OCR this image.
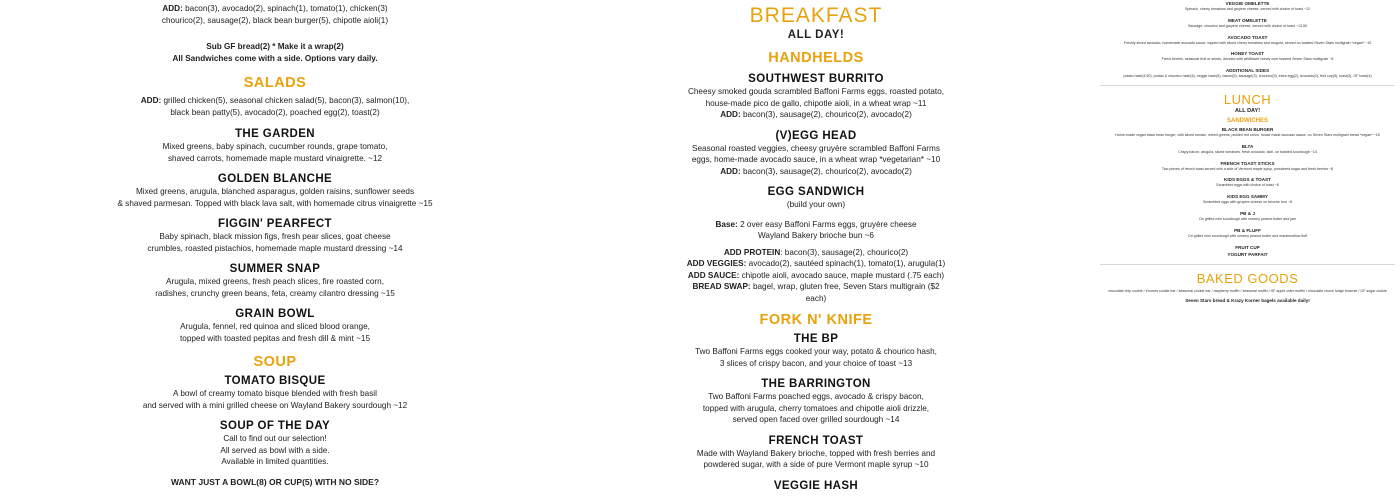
ADD: bacon(3), avocado(2), spinach(1), tomato(1), chicken(3)

chourico(2), sausage(2), black bean burger(5), chipotle aioli(1)

Sub GF bread(2) * Make it a wrap(2)

All Sandwiches come with a side. Options vary daily.

SALADS

ADD: grilled chicken(5), seasonal chicken salad(5), bacon(3), salmon(10),

black bean patty(5), avocado(2), poached egg(2), toast(2)

THE GARDEN

Mixed greens, baby spinach, cucumber rounds, grape tomato,

shaved carrots, homemade maple mustard vinaigrette. ~12

GOLDEN BLANCHE

Mixed greens, arugula, blanched asparagus, golden raisins, sunflower seeds

& shaved parmesan. Topped with black lava salt, with homemade citrus vinaigrette ~15

FIGGIN' PEARFECT

Baby spinach, black mission figs, fresh pear slices, goat cheese

crumbles, roasted pistachios, homemade maple mustard dressing ~14

SUMMER SNAP

Arugula, mixed greens, fresh peach slices, fire roasted corn,

radishes, crunchy green beans, feta, creamy cilantro dressing ~15

GRAIN BOWL

Arugula, fennel, red quinoa and sliced blood orange,

topped with toasted pepitas and fresh dill & mint ~15

SOUP

TOMATO BISQUE

A bowl of creamy tomato bisque blended with fresh basil

and served with a mini grilled cheese on Wayland Bakery sourdough ~12

SOUP OF THE DAY

Call to find out our selection!

All served as bowl with a side.

Available in limited quantities.

WANT JUST A BOWL(8) OR CUP(5) WITH NO SIDE?

BREAKFAST
ALL DAY!
HANDHELDS

SOUTHWEST BURRITO

Cheesy smoked gouda scrambled Baffoni Farms eggs, roasted potato,

house-made pico de gallo, chipotle aioli, in a wheat wrap ~11

ADD: bacon(3), sausage(2), chourico(2), avocado(2)

(V)EGG HEAD

Seasonal roasted veggies, cheesy gruyère scrambled Baffoni Farms

eggs, home-made avocado sauce, in a wheat wrap *vegetarian* ~10

ADD: bacon(3), sausage(2), chourico(2), avocado(2)

EGG SANDWICH

(build your own)

Base: 2 over easy Baffoni Farms eggs, gruyère cheese

Wayland Bakery brioche bun ~6

ADD PROTEIN: bacon(3), sausage(2), chourico(2)

ADD VEGGIES: avocado(2), sautéed spinach(1), tomato(1), arugula(1)

ADD SAUCE: chipotle aioli, avocado sauce, maple mustard (.75 each)

BREAD SWAP: bagel, wrap, gluten free, Seven Stars multigrain ($2 each)

FORK N' KNIFE

THE BP

Two Baffoni Farms eggs cooked your way, potato & chourico hash,

3 slices of crispy bacon, and your choice of toast ~13

THE BARRINGTON

Two Baffoni Farms poached eggs, avocado & crispy bacon,

topped with arugula, cherry tomatoes and chipotle aioli drizzle,

served open faced over grilled sourdough ~14

FRENCH TOAST

Made with Wayland Bakery brioche, topped with fresh berries and

powdered sugar, with a side of pure Vermont maple syrup ~10

VEGGIE HASH

VEGGIE OMELETTE

Spinach, cherry tomatoes and gruyère cheese, served with choice of toast ~12

MEAT OMELETTE

Sausage, chourico and gruyère cheese, served with choice of toast ~13.50

AVOCADO TOAST

Freshly sliced avocado, homemade avocado sauce, topped with sliced cherry tomatoes and arugula, served on toasted Seven Stars multigrain *vegan* ~10

HONEY TOAST

Fresh berries, seasonal fruit or seeds, drizzled with wildflower honey over toasted Seven Stars multigrain ~8

ADDITIONAL SIDES

potato hash(4.50), potato & chourico hash(6), veggie hash(6), bacon(5), sausage(3), chourico(5), extra egg(2), avocado(2), fruit cup(5), toast(3), GF toast(4)

LUNCH

ALL DAY!

SANDWICHES

BLACK BEAN BURGER

Home-made vegan black bean burger, with sliced tomato, mixed greens, pickled red onion, house made avocado sauce, on Seven Stars multigrain bread *vegan* ~15

BLTA

Crispy bacon, arugula, sliced tomatoes, fresh avocado, aioli, on toasted sourdough ~14

FRENCH TOAST STICKS

Two pieces of french toast served with a side of Vermont maple syrup, powdered sugar and fresh berries ~8

KIDS EGGS & TOAST

Scrambled eggs with choice of toast ~8

KIDS EGG SAMMY

Scrambled eggs with gruyère cheese on brioche bun ~8

PB & J

On grilled mini sourdough with creamy peanut butter and jam

PB & FLUFF

On grilled mini sourdough with creamy peanut butter and marshmallow fluff

FRUIT CUP

YOGURT PARFAIT

BAKED GOODS

chocolate chip cookie / s'mores cookie bar / seasonal cookie bar / raspberry muffin / seasonal muffin / GF apple cider muffin / chocolate chunk fudge brownie / GF sugar cookie

Seven Stars bread & Krazy Korner bagels available daily!
